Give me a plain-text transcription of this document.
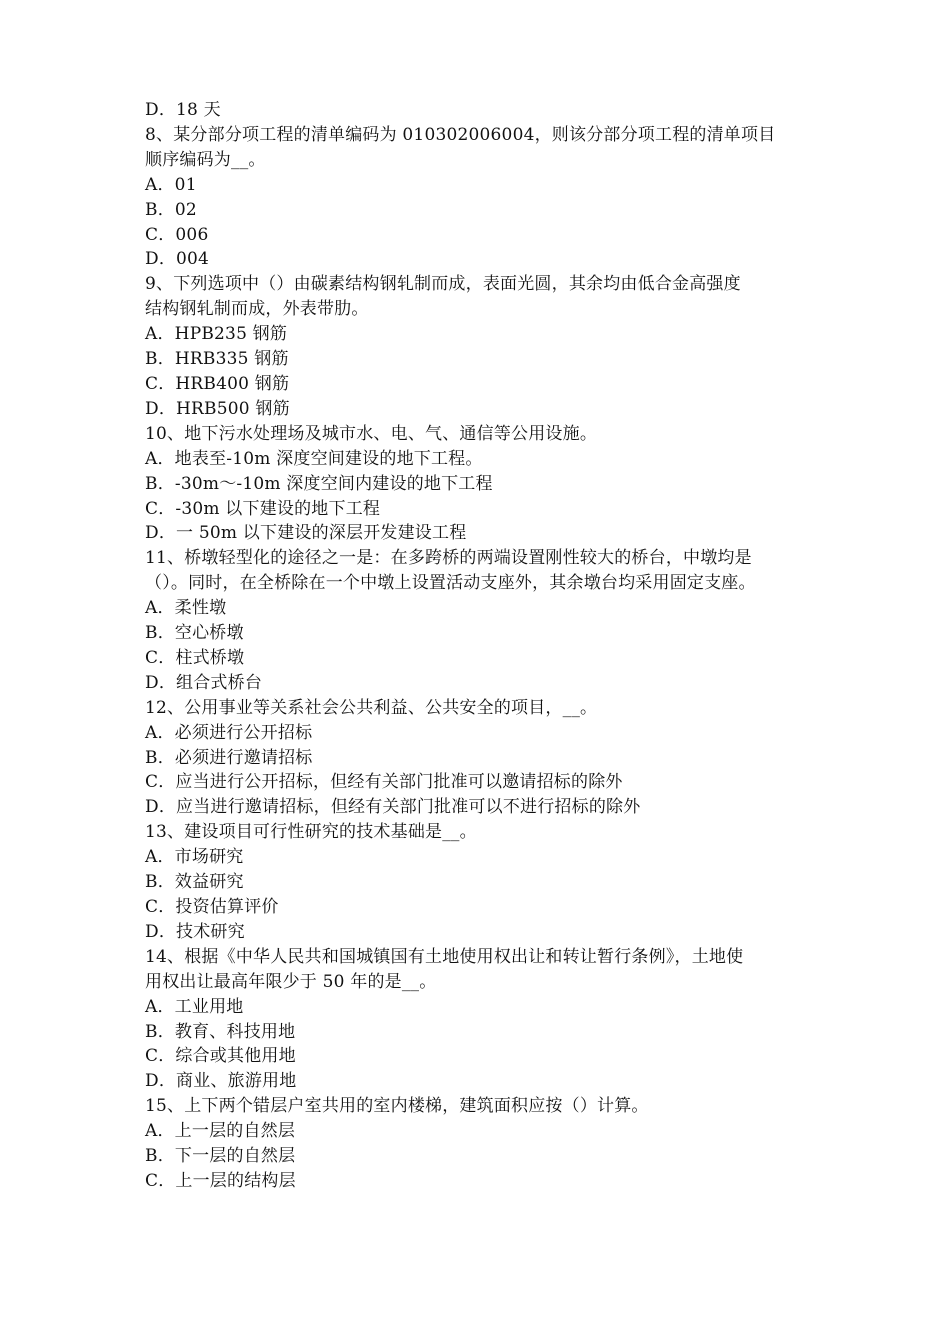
D．18 天
8、某分部分项工程的清单编码为 010302006004，则该分部分项工程的清单项目
顺序编码为__。
A．01
B．02
C．006
D．004
9、下列选项中（）由碳素结构钢轧制而成，表面光圆，其余均由低合金高强度
结构钢轧制而成，外表带肋。
A．HPB235 钢筋
B．HRB335 钢筋
C．HRB400 钢筋
D．HRB500 钢筋
10、地下污水处理场及城市水、电、气、通信等公用设施。
A．地表至-10m 深度空间建设的地下工程。
B．-30m～-10m 深度空间内建设的地下工程
C．-30m 以下建设的地下工程
D．一 50m 以下建设的深层开发建设工程
11、桥墩轻型化的途径之一是：在多跨桥的两端设置刚性较大的桥台，中墩均是
（）。同时，在全桥除在一个中墩上设置活动支座外，其余墩台均采用固定支座。
A．柔性墩
B．空心桥墩
C．柱式桥墩
D．组合式桥台
12、公用事业等关系社会公共利益、公共安全的项目，__。
A．必须进行公开招标
B．必须进行邀请招标
C．应当进行公开招标，但经有关部门批准可以邀请招标的除外
D．应当进行邀请招标，但经有关部门批准可以不进行招标的除外
13、建设项目可行性研究的技术基础是__。
A．市场研究
B．效益研究
C．投资估算评价
D．技术研究
14、根据《中华人民共和国城镇国有土地使用权出让和转让暂行条例》，土地使
用权出让最高年限少于 50 年的是__。
A．工业用地
B．教育、科技用地
C．综合或其他用地
D．商业、旅游用地
15、上下两个错层户室共用的室内楼梯，建筑面积应按（）计算。
A．上一层的自然层
B．下一层的自然层
C．上一层的结构层
